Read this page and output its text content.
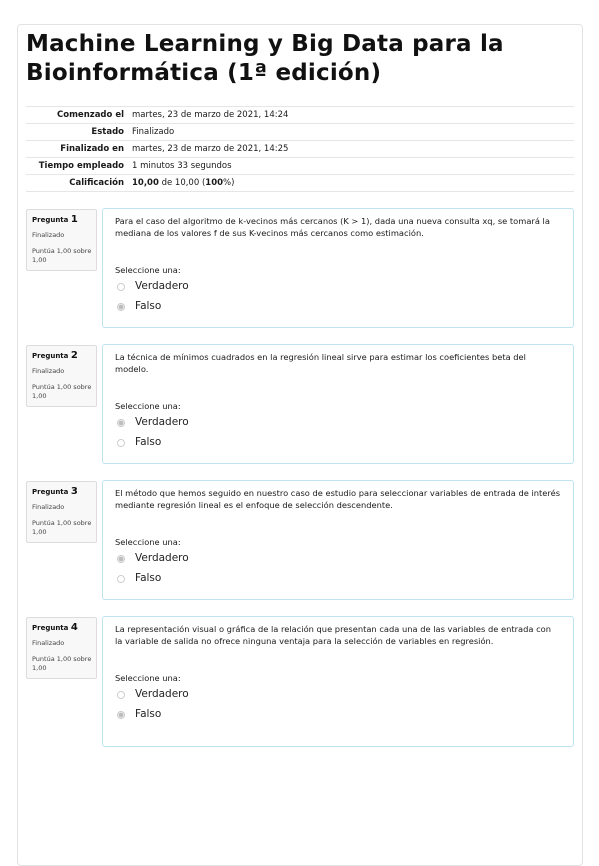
Machine Learning y Big Data para la Bioinformática (1ª edición)
Comenzado el	martes, 23 de marzo de 2021, 14:24
Estado	Finalizado
Finalizado en	martes, 23 de marzo de 2021, 14:25
Tiempo empleado	1 minutos 33 segundos
Calificación	10,00 de 10,00 (100%)
Pregunta 1
Finalizado
Puntúa 1,00 sobre 1,00
Para el caso del algoritmo de k-vecinos más cercanos (K > 1), dada una nueva consulta xq, se tomará la mediana de los valores f de sus K-vecinos más cercanos como estimación.
Seleccione una:
Verdadero
Falso
Pregunta 2
Finalizado
Puntúa 1,00 sobre 1,00
La técnica de mínimos cuadrados en la regresión lineal sirve para estimar los coeficientes beta del modelo.
Seleccione una:
Verdadero
Falso
Pregunta 3
Finalizado
Puntúa 1,00 sobre 1,00
El método que hemos seguido en nuestro caso de estudio para seleccionar variables de entrada de interés mediante regresión lineal es el enfoque de selección descendente.
Seleccione una:
Verdadero
Falso
Pregunta 4
Finalizado
Puntúa 1,00 sobre 1,00
La representación visual o gráfica de la relación que presentan cada una de las variables de entrada con la variable de salida no ofrece ninguna ventaja para la selección de variables en regresión.
Seleccione una:
Verdadero
Falso
